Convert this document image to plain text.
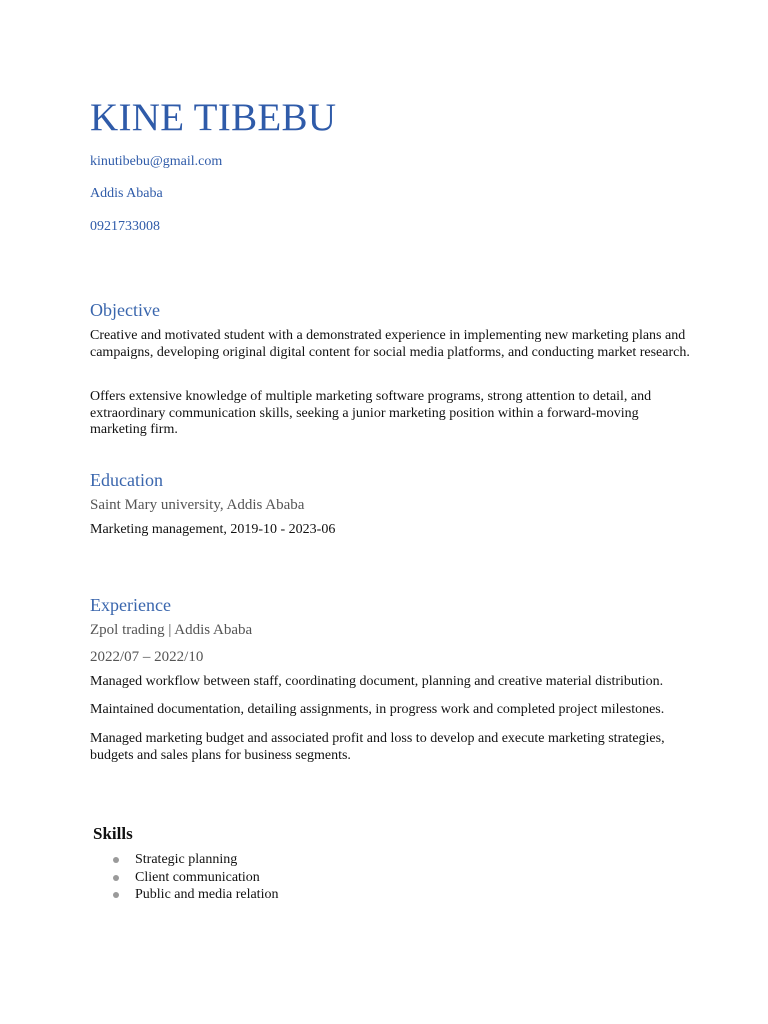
KINE TIBEBU
kinutibebu@gmail.com
Addis Ababa
0921733008
Objective
Creative and motivated student with a demonstrated experience in implementing new marketing plans and campaigns, developing original digital content for social media platforms, and conducting market research.
Offers extensive knowledge of multiple marketing software programs, strong attention to detail, and extraordinary communication skills, seeking a junior marketing position within a forward-moving marketing firm.
Education
Saint Mary university, Addis Ababa
Marketing management, 2019-10 - 2023-06
Experience
Zpol trading | Addis Ababa
2022/07 – 2022/10
Managed workflow between staff, coordinating document, planning and creative material distribution.
Maintained documentation, detailing assignments, in progress work and completed project milestones.
Managed marketing budget and associated profit and loss to develop and execute marketing strategies, budgets and sales plans for business segments.
Skills
Strategic planning
Client communication
Public and media relation
